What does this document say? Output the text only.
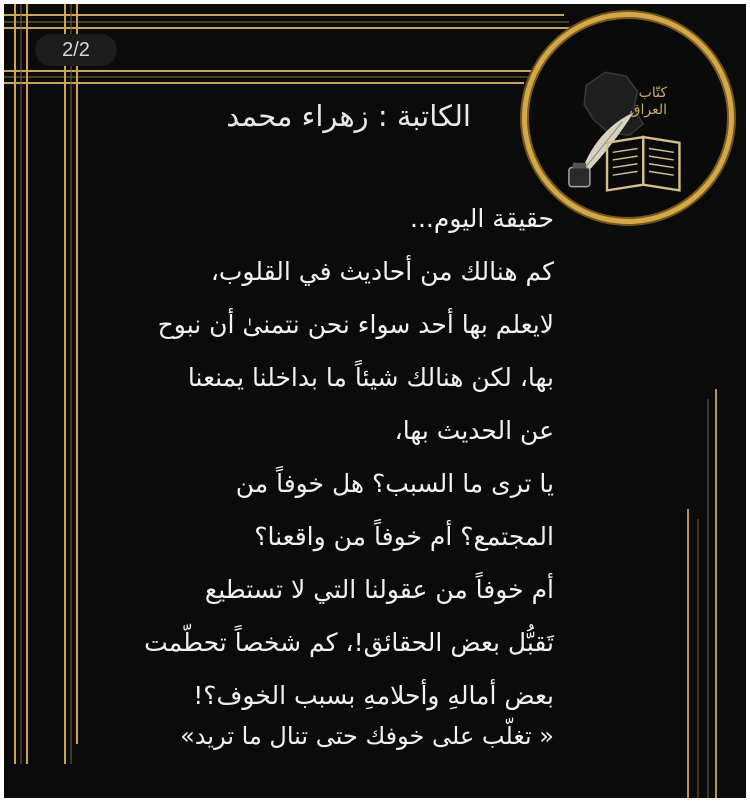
2/2
كتّاب العراق
الكاتبة : زهراء محمد
حقيقة اليوم...
كم هنالك من أحاديث في القلوب،
لايعلم بها أحد سواء نحن نتمنىٰ أن نبوح
بها، لكن هنالك شيئاً ما بداخلنا يمنعنا
عن الحديث بها،
يا ترى ما السبب؟ هل خوفاً من
المجتمع؟ أم خوفاً من واقعنا؟
أم خوفاً من عقولنا التي لا تستطيع
تَقبُّل بعض الحقائق!، كم شخصاً تحطّمت
بعض أمالهِ وأحلامهِ بسبب الخوف؟!
« تغلّب على خوفك حتى تنال ما تريد»
